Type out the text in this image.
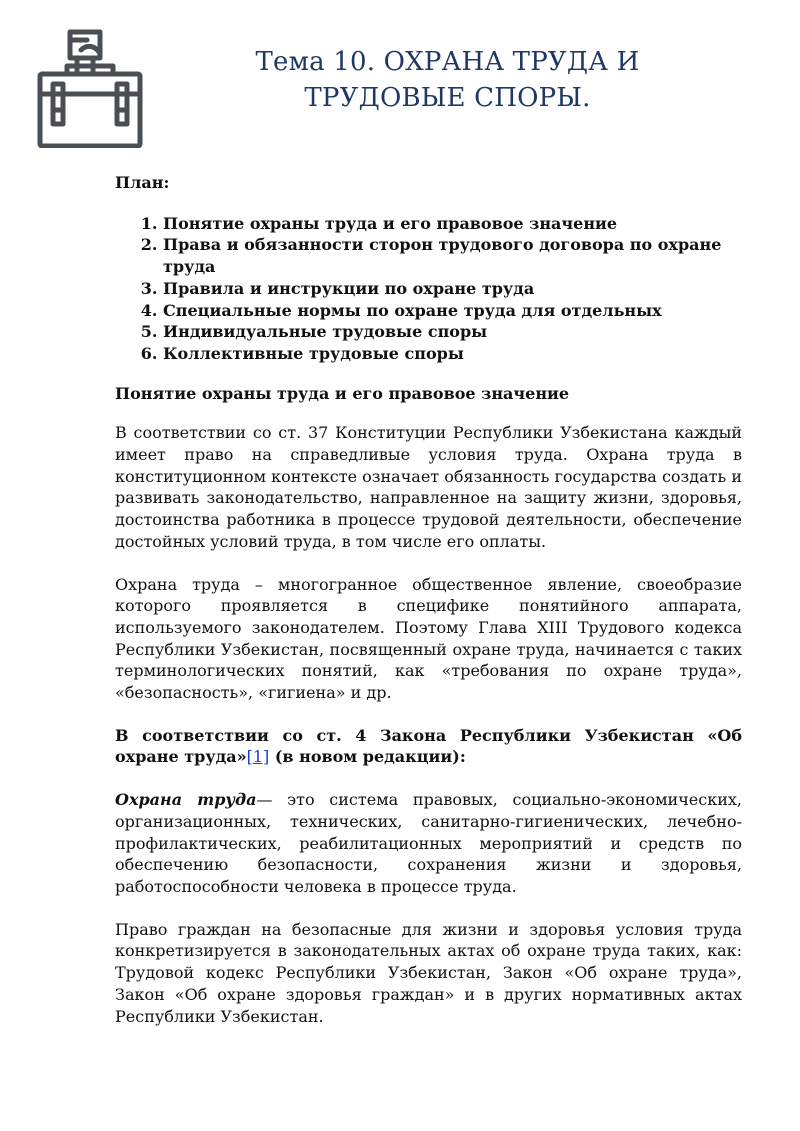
Тема 10. ОХРАНА ТРУДА И ТРУДОВЫЕ СПОРЫ.
План:
1. Понятие охраны труда и его правовое значение
2. Права и обязанности сторон трудового договора по охране труда
3. Правила и инструкции по охране труда
4. Специальные нормы по охране труда для отдельных
5. Индивидуальные трудовые споры
6. Коллективные трудовые споры
Понятие охраны труда и его правовое значение

В соответствии со ст. 37 Конституции Республики Узбекистана каждый имеет право на справедливые условия труда. Охрана труда в конституционном контексте означает обязанность государства создать и развивать законодательство, направленное на защиту жизни, здоровья, достоинства работника в процессе трудовой деятельности, обеспечение достойных условий труда, в том числе его оплаты.

Охрана труда – многогранное общественное явление, своеобразие которого проявляется в специфике понятийного аппарата, используемого законодателем. Поэтому Глава XIII Трудового кодекса Республики Узбекистан, посвященный охране труда, начинается с таких терминологических понятий, как «требования по охране труда», «безопасность», «гигиена» и др.

В соответствии со ст. 4 Закона Республики Узбекистан «Об охране труда»[1] (в новом редакции):

Охрана труда— это система правовых, социально-экономических, организационных, технических, санитарно-гигиенических, лечебно-профилактических, реабилитационных мероприятий и средств по обеспечению безопасности, сохранения жизни и здоровья, работоспособности человека в процессе труда.

Право граждан на безопасные для жизни и здоровья условия труда конкретизируется в законодательных актах об охране труда таких, как: Трудовой кодекс Республики Узбекистан, Закон «Об охране труда», Закон «Об охране здоровья граждан» и в других нормативных актах Республики Узбекистан.
